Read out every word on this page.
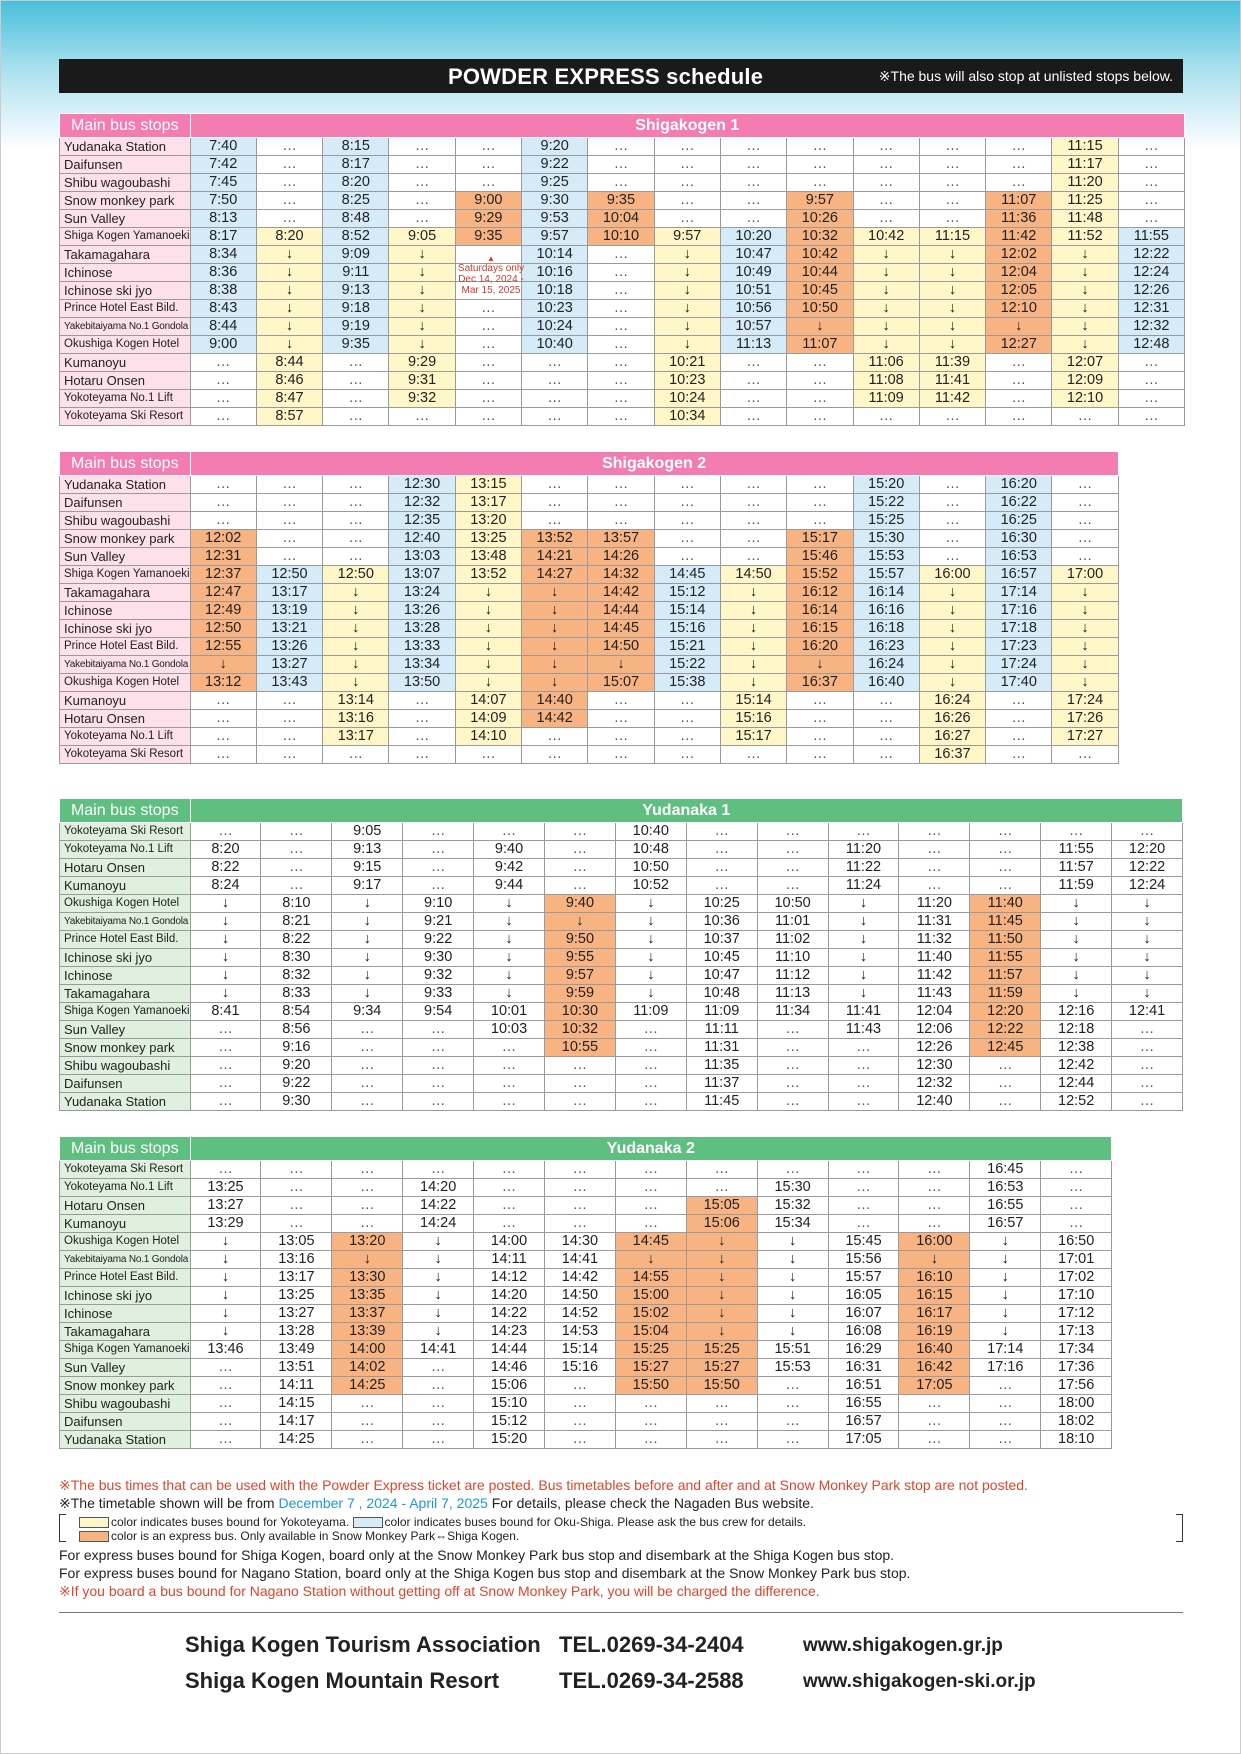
POWDER EXPRESS schedule	※The bus will also stop at unlisted stops below.
Main bus stops	Shigakogen 1														
Yudanaka Station	7:40	…	8:15	…	…	9:20	…	…	…	…	…	…	…	11:15	…
Daifunsen	7:42	…	8:17	…	…	9:22	…	…	…	…	…	…	…	11:17	…
Shibu wagoubashi	7:45	…	8:20	…	…	9:25	…	…	…	…	…	…	…	11:20	…
Snow monkey park	7:50	…	8:25	…	9:00	9:30	9:35	…	…	9:57	…	…	11:07	11:25	…
Sun Valley	8:13	…	8:48	…	9:29	9:53	10:04	…	…	10:26	…	…	11:36	11:48	…
Shiga Kogen Yamanoeki	8:17	8:20	8:52	9:05	9:35	9:57	10:10	9:57	10:20	10:32	10:42	11:15	11:42	11:52	11:55
Takamagahara	8:34	↓	9:09	↓		10:14	…	↓	10:47	10:42	↓	↓	12:02	↓	12:22
Ichinose	8:36	↓	9:11	↓		10:16	…	↓	10:49	10:44	↓	↓	12:04	↓	12:24
Ichinose ski jyo	8:38	↓	9:13	↓		10:18	…	↓	10:51	10:45	↓	↓	12:05	↓	12:26
Prince Hotel East Bild.	8:43	↓	9:18	↓	…	10:23	…	↓	10:56	10:50	↓	↓	12:10	↓	12:31
Yakebitaiyama No.1 Gondola	8:44	↓	9:19	↓	…	10:24	…	↓	10:57	↓	↓	↓	↓	↓	12:32
Okushiga Kogen Hotel	9:00	↓	9:35	↓	…	10:40	…	↓	11:13	11:07	↓	↓	12:27	↓	12:48
Kumanoyu	…	8:44	…	9:29	…	…	…	10:21	…	…	11:06	11:39	…	12:07	…
Hotaru Onsen	…	8:46	…	9:31	…	…	…	10:23	…	…	11:08	11:41	…	12:09	…
Yokoteyama No.1 Lift	…	8:47	…	9:32	…	…	…	10:24	…	…	11:09	11:42	…	12:10	…
Yokoteyama Ski Resort	…	8:57	…	…	…	…	…	10:34	…	…	…	…	…	…	…
▲
Saturdays only Dec 14, 2024 - Mar 15, 2025
Main bus stops	Shigakogen 2													
Yudanaka Station	…	…	…	12:30	13:15	…	…	…	…	…	15:20	…	16:20	…
Daifunsen	…	…	…	12:32	13:17	…	…	…	…	…	15:22	…	16:22	…
Shibu wagoubashi	…	…	…	12:35	13:20	…	…	…	…	…	15:25	…	16:25	…
Snow monkey park	12:02	…	…	12:40	13:25	13:52	13:57	…	…	15:17	15:30	…	16:30	…
Sun Valley	12:31	…	…	13:03	13:48	14:21	14:26	…	…	15:46	15:53	…	16:53	…
Shiga Kogen Yamanoeki	12:37	12:50	12:50	13:07	13:52	14:27	14:32	14:45	14:50	15:52	15:57	16:00	16:57	17:00
Takamagahara	12:47	13:17	↓	13:24	↓	↓	14:42	15:12	↓	16:12	16:14	↓	17:14	↓
Ichinose	12:49	13:19	↓	13:26	↓	↓	14:44	15:14	↓	16:14	16:16	↓	17:16	↓
Ichinose ski jyo	12:50	13:21	↓	13:28	↓	↓	14:45	15:16	↓	16:15	16:18	↓	17:18	↓
Prince Hotel East Bild.	12:55	13:26	↓	13:33	↓	↓	14:50	15:21	↓	16:20	16:23	↓	17:23	↓
Yakebitaiyama No.1 Gondola	↓	13:27	↓	13:34	↓	↓	↓	15:22	↓	↓	16:24	↓	17:24	↓
Okushiga Kogen Hotel	13:12	13:43	↓	13:50	↓	↓	15:07	15:38	↓	16:37	16:40	↓	17:40	↓
Kumanoyu	…	…	13:14	…	14:07	14:40	…	…	15:14	…	…	16:24	…	17:24
Hotaru Onsen	…	…	13:16	…	14:09	14:42	…	…	15:16	…	…	16:26	…	17:26
Yokoteyama No.1 Lift	…	…	13:17	…	14:10	…	…	…	15:17	…	…	16:27	…	17:27
Yokoteyama Ski Resort	…	…	…	…	…	…	…	…	…	…	…	16:37	…	…
Main bus stops	Yudanaka 1													
Yokoteyama Ski Resort	…	…	9:05	…	…	…	10:40	…	…	…	…	…	…	…
Yokoteyama No.1 Lift	8:20	…	9:13	…	9:40	…	10:48	…	…	11:20	…	…	11:55	12:20
Hotaru Onsen	8:22	…	9:15	…	9:42	…	10:50	…	…	11:22	…	…	11:57	12:22
Kumanoyu	8:24	…	9:17	…	9:44	…	10:52	…	…	11:24	…	…	11:59	12:24
Okushiga Kogen Hotel	↓	8:10	↓	9:10	↓	9:40	↓	10:25	10:50	↓	11:20	11:40	↓	↓
Yakebitaiyama No.1 Gondola	↓	8:21	↓	9:21	↓	↓	↓	10:36	11:01	↓	11:31	11:45	↓	↓
Prince Hotel East Bild.	↓	8:22	↓	9:22	↓	9:50	↓	10:37	11:02	↓	11:32	11:50	↓	↓
Ichinose ski jyo	↓	8:30	↓	9:30	↓	9:55	↓	10:45	11:10	↓	11:40	11:55	↓	↓
Ichinose	↓	8:32	↓	9:32	↓	9:57	↓	10:47	11:12	↓	11:42	11:57	↓	↓
Takamagahara	↓	8:33	↓	9:33	↓	9:59	↓	10:48	11:13	↓	11:43	11:59	↓	↓
Shiga Kogen Yamanoeki	8:41	8:54	9:34	9:54	10:01	10:30	11:09	11:09	11:34	11:41	12:04	12:20	12:16	12:41
Sun Valley	…	8:56	…	…	10:03	10:32	…	11:11	…	11:43	12:06	12:22	12:18	…
Snow monkey park	…	9:16	…	…	…	10:55	…	11:31	…	…	12:26	12:45	12:38	…
Shibu wagoubashi	…	9:20	…	…	…	…	…	11:35	…	…	12:30	…	12:42	…
Daifunsen	…	9:22	…	…	…	…	…	11:37	…	…	12:32	…	12:44	…
Yudanaka Station	…	9:30	…	…	…	…	…	11:45	…	…	12:40	…	12:52	…
Main bus stops	Yudanaka 2												
Yokoteyama Ski Resort	…	…	…	…	…	…	…	…	…	…	…	16:45	…
Yokoteyama No.1 Lift	13:25	…	…	14:20	…	…	…	…	15:30	…	…	16:53	…
Hotaru Onsen	13:27	…	…	14:22	…	…	…	15:05	15:32	…	…	16:55	…
Kumanoyu	13:29	…	…	14:24	…	…	…	15:06	15:34	…	…	16:57	…
Okushiga Kogen Hotel	↓	13:05	13:20	↓	14:00	14:30	14:45	↓	↓	15:45	16:00	↓	16:50
Yakebitaiyama No.1 Gondola	↓	13:16	↓	↓	14:11	14:41	↓	↓	↓	15:56	↓	↓	17:01
Prince Hotel East Bild.	↓	13:17	13:30	↓	14:12	14:42	14:55	↓	↓	15:57	16:10	↓	17:02
Ichinose ski jyo	↓	13:25	13:35	↓	14:20	14:50	15:00	↓	↓	16:05	16:15	↓	17:10
Ichinose	↓	13:27	13:37	↓	14:22	14:52	15:02	↓	↓	16:07	16:17	↓	17:12
Takamagahara	↓	13:28	13:39	↓	14:23	14:53	15:04	↓	↓	16:08	16:19	↓	17:13
Shiga Kogen Yamanoeki	13:46	13:49	14:00	14:41	14:44	15:14	15:25	15:25	15:51	16:29	16:40	17:14	17:34
Sun Valley	…	13:51	14:02	…	14:46	15:16	15:27	15:27	15:53	16:31	16:42	17:16	17:36
Snow monkey park	…	14:11	14:25	…	15:06	…	15:50	15:50	…	16:51	17:05	…	17:56
Shibu wagoubashi	…	14:15	…	…	15:10	…	…	…	…	16:55	…	…	18:00
Daifunsen	…	14:17	…	…	15:12	…	…	…	…	16:57	…	…	18:02
Yudanaka Station	…	14:25	…	…	15:20	…	…	…	…	17:05	…	…	18:10
※The bus times that can be used with the Powder Express ticket are posted. Bus timetables before and after and at Snow Monkey Park stop are not posted.
※The timetable shown will be from December 7 , 2024 - April 7, 2025 For details, please check the Nagaden Bus website.
color indicates buses bound for Yokoteyama.	color indicates buses bound for Oku-Shiga. Please ask the bus crew for details.
color is an express bus. Only available in Snow Monkey Park⇔Shiga Kogen.
For express buses bound for Shiga Kogen, board only at the Snow Monkey Park bus stop and disembark at the Shiga Kogen bus stop.
For express buses bound for Nagano Station, board only at the Shiga Kogen bus stop and disembark at the Snow Monkey Park bus stop.
※If you board a bus bound for Nagano Station without getting off at Snow Monkey Park, you will be charged the difference.
Shiga Kogen Tourism Association TEL.0269-34-2404	www.shigakogen.gr.jp
Shiga Kogen Mountain Resort	TEL.0269-34-2588	www.shigakogen-ski.or.jp
